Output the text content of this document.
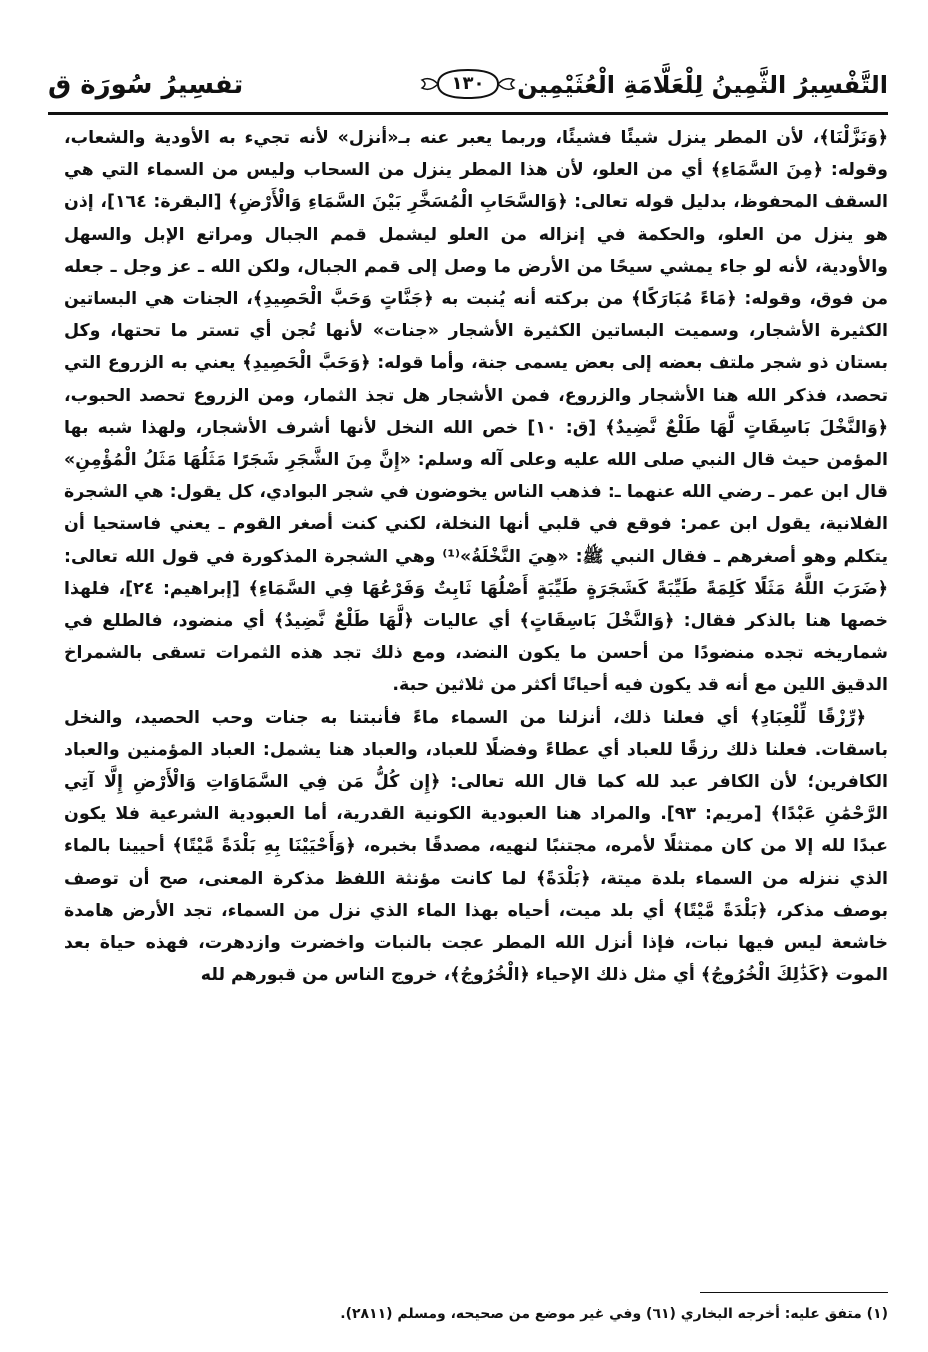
التَّفْسِيرُ الثَّمِينُ لِلْعَلَّامَةِ الْعُثَيْمِين
١٣٠
تفسِيرُ سُورَة ق

﴿وَنَزَّلْنَا﴾، لأن المطر ينزل شيئًا فشيئًا، وربما يعبر عنه بـ«أنزل» لأنه تجيء به الأودية والشعاب، وقوله: ﴿مِنَ السَّمَاءِ﴾ أي من العلو، لأن هذا المطر ينزل من السحاب وليس من السماء التي هي السقف المحفوظ، بدليل قوله تعالى: ﴿وَالسَّحَابِ الْمُسَخَّرِ بَيْنَ السَّمَاءِ وَالْأَرْضِ﴾ [البقرة: ١٦٤]، إذن هو ينزل من العلو، والحكمة في إنزاله من العلو ليشمل قمم الجبال ومراتع الإبل والسهل والأودية، لأنه لو جاء يمشي سيحًا من الأرض ما وصل إلى قمم الجبال، ولكن الله ـ عز وجل ـ جعله من فوق، وقوله: ﴿مَاءً مُبَارَكًا﴾ من بركته أنه يُنبت به ﴿جَنَّاتٍ وَحَبَّ الْحَصِيدِ﴾، الجنات هي البساتين الكثيرة الأشجار، وسميت البساتين الكثيرة الأشجار «جنات» لأنها تُجن أي تستر ما تحتها، وكل بستان ذو شجر ملتف بعضه إلى بعض يسمى جنة، وأما قوله: ﴿وَحَبَّ الْحَصِيدِ﴾ يعني به الزروع التي تحصد، فذكر الله هنا الأشجار والزروع، فمن الأشجار هل تجذ الثمار، ومن الزروع تحصد الحبوب، ﴿وَالنَّخْلَ بَاسِقَاتٍ لَّهَا طَلْعٌ نَّضِيدٌ﴾ [ق: ١٠] خص الله النخل لأنها أشرف الأشجار، ولهذا شبه بها المؤمن حيث قال النبي صلى الله عليه وعلى آله وسلم: «إِنَّ مِنَ الشَّجَرِ شَجَرًا مَثَلُهَا مَثَلُ الْمُؤْمِنِ» قال ابن عمر ـ رضي الله عنهما ـ: فذهب الناس يخوضون في شجر البوادي، كل يقول: هي الشجرة الفلانية، يقول ابن عمر: فوقع في قلبي أنها النخلة، لكني كنت أصغر القوم ـ يعني فاستحيا أن يتكلم وهو أصغرهم ـ فقال النبي ﷺ: «هِيَ النَّخْلَةُ»⁽¹⁾ وهي الشجرة المذكورة في قول الله تعالى: ﴿ضَرَبَ اللَّهُ مَثَلًا كَلِمَةً طَيِّبَةً كَشَجَرَةٍ طَيِّبَةٍ أَصْلُهَا ثَابِتٌ وَفَرْعُهَا فِي السَّمَاءِ﴾ [إبراهيم: ٢٤]، فلهذا خصها هنا بالذكر فقال: ﴿وَالنَّخْلَ بَاسِقَاتٍ﴾ أي عاليات ﴿لَّهَا طَلْعٌ نَّضِيدٌ﴾ أي منضود، فالطلع في شماريخه تجده منضودًا من أحسن ما يكون النضد، ومع ذلك تجد هذه الثمرات تسقى بالشمراخ الدقيق اللين مع أنه قد يكون فيه أحيانًا أكثر من ثلاثين حبة.

﴿رِّزْقًا لِّلْعِبَادِ﴾ أي فعلنا ذلك، أنزلنا من السماء ماءً فأنبتنا به جنات وحب الحصيد، والنخل باسقات. فعلنا ذلك رزقًا للعباد أي عطاءً وفضلًا للعباد، والعباد هنا يشمل: العباد المؤمنين والعباد الكافرين؛ لأن الكافر عبد لله كما قال الله تعالى: ﴿إِن كُلُّ مَن فِي السَّمَاوَاتِ وَالْأَرْضِ إِلَّا آتِي الرَّحْمَٰنِ عَبْدًا﴾ [مريم: ٩٣]. والمراد هنا العبودية الكونية القدرية، أما العبودية الشرعية فلا يكون عبدًا لله إلا من كان ممتثلًا لأمره، مجتنبًا لنهيه، مصدقًا بخبره، ﴿وَأَحْيَيْنَا بِهِ بَلْدَةً مَّيْتًا﴾ أحيينا بالماء الذي ننزله من السماء بلدة ميتة، ﴿بَلْدَةً﴾ لما كانت مؤنثة اللفظ مذكرة المعنى، صح أن توصف بوصف مذكر، ﴿بَلْدَةً مَّيْتًا﴾ أي بلد ميت، أحياه بهذا الماء الذي نزل من السماء، تجد الأرض هامدة خاشعة ليس فيها نبات، فإذا أنزل الله المطر عجت بالنبات واخضرت وازدهرت، فهذه حياة بعد الموت ﴿كَذَٰلِكَ الْخُرُوجُ﴾ أي مثل ذلك الإحياء ﴿الْخُرُوجُ﴾، خروج الناس من قبورهم لله

(١) متفق عليه: أخرجه البخاري (٦١) وفي غير موضع من صحيحه، ومسلم (٢٨١١).
